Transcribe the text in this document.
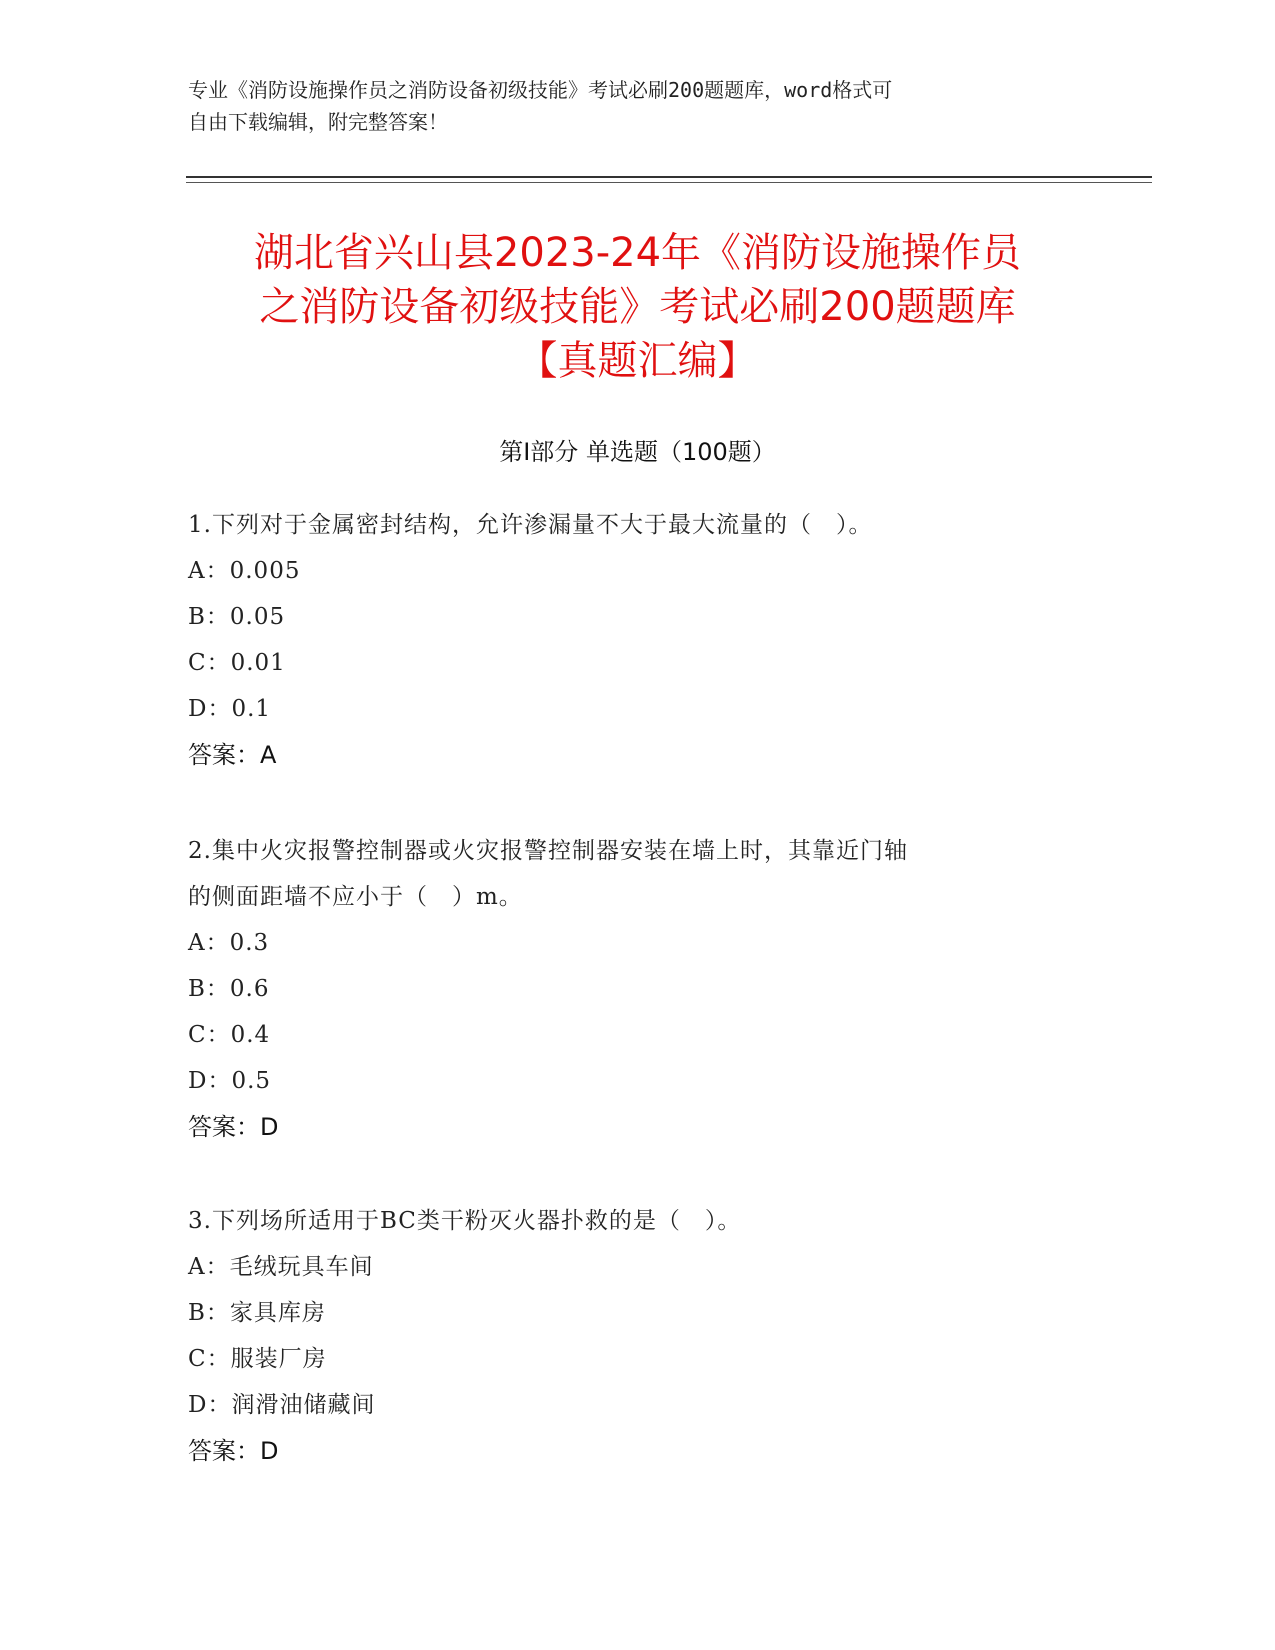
专业《消防设施操作员之消防设备初级技能》考试必刷200题题库，word格式可
自由下载编辑，附完整答案！
湖北省兴山县2023-24年《消防设施操作员
之消防设备初级技能》考试必刷200题题库
【真题汇编】
第I部分 单选题（100题）
1.下列对于金属密封结构，允许渗漏量不大于最大流量的（　）。
A：0.005
B：0.05
C：0.01
D：0.1
答案：A
2.集中火灾报警控制器或火灾报警控制器安装在墙上时，其靠近门轴
的侧面距墙不应小于（　）m。
A：0.3
B：0.6
C：0.4
D：0.5
答案：D
3.下列场所适用于BC类干粉灭火器扑救的是（　）。
A：毛绒玩具车间
B：家具库房
C：服装厂房
D：润滑油储藏间
答案：D
